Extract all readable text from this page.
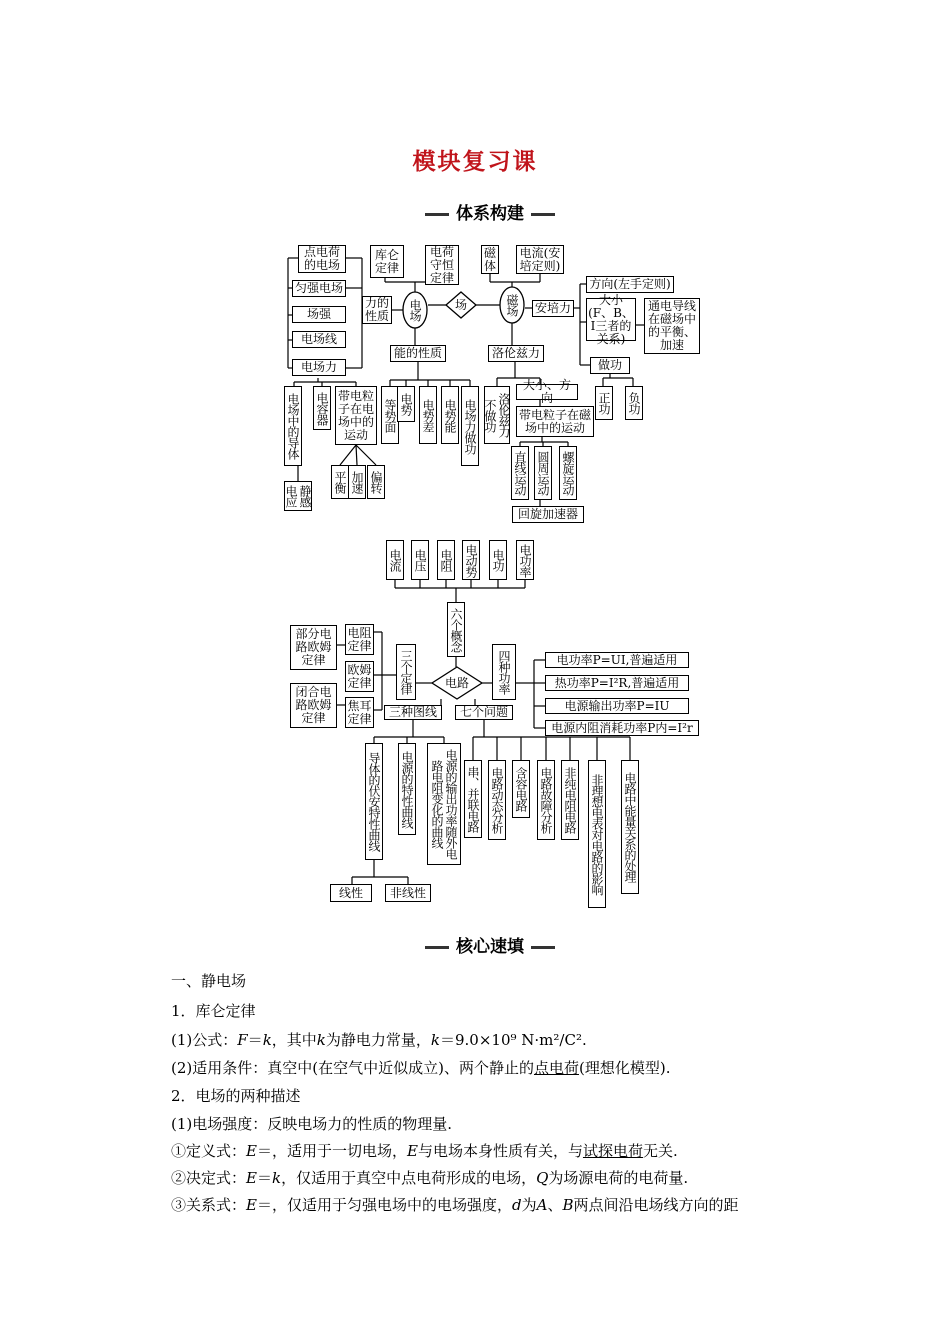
模块复习课
体系构建
点电荷的电场
匀强电场
场强
电场线
电场力
库仑定律
电荷守恒定律
磁体
电流(安培定则)
力的性质 电场	场	磁场 安培力
方向(左手定则)
大小(F、B、I三者的关系)
通电导线在磁场中的平衡、加速
做功
正功 负功
能的性质	洛伦兹力
电场中的导体 电容器 带电粒子在电场中的运动
等势面 电势 电势差 电势能 电场力做功	洛伦兹力不做功
大小、方向
带电粒子在磁场中的运动
静感电应
平衡 加速 偏转	直线运动 圆周运动 螺旋运动
回旋加速器
电流 电压 电阻 电动势 电功 电功率
六个概念
部分电路欧姆定律
电阻定律
欧姆定律
焦耳定律
闭合电路欧姆定律
三个定律	电路	四种功率
三种图线	七个问题
电功率P=UI,普遍适用
热功率P=I²R,普遍适用
电源输出功率P=IU
电源内阻消耗功率P内=I²r
导体的伏安特性曲线 电源的特性曲线	电源的输出功率随外电路电阻变化的曲线	串、并联电路 电路动态分析 含容电路 电路故障分析 非纯电阻电路 非理想电表对电路的影响 电路中能量关系的处理
线性	非线性
核心速填
一、静电场
1．库仑定律
(1)公式：F＝k，其中k为静电力常量，k＝9.0×10⁹ N·m²/C².
(2)适用条件：真空中(在空气中近似成立)、两个静止的点电荷(理想化模型).
2．电场的两种描述
(1)电场强度：反映电场力的性质的物理量.
①定义式：E＝，适用于一切电场，E与电场本身性质有关，与试探电荷无关.
②决定式：E＝k，仅适用于真空中点电荷形成的电场，Q为场源电荷的电荷量.
③关系式：E＝，仅适用于匀强电场中的电场强度，d为A、B两点间沿电场线方向的距
